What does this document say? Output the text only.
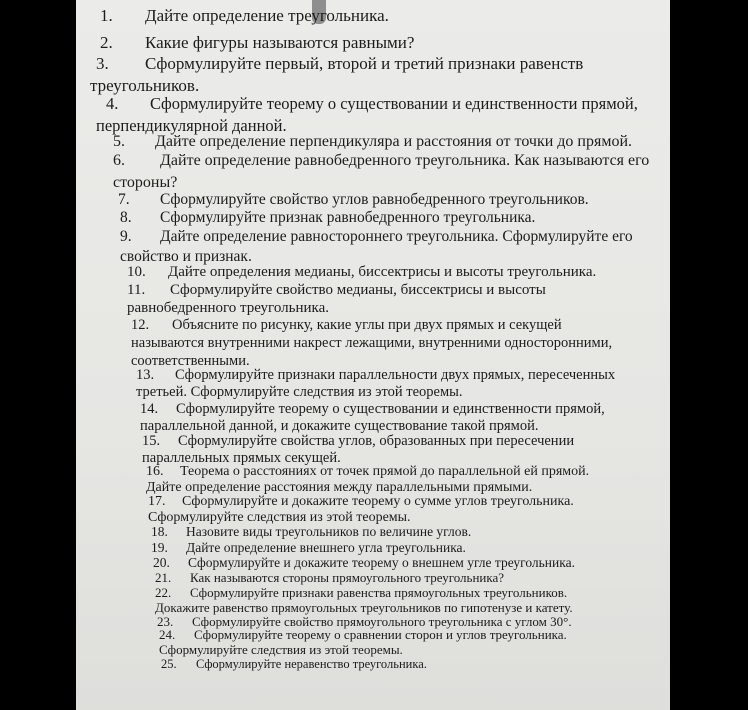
1. Дайте определение треугольника.
2. Какие фигуры называются равными?
3. Сформулируйте первый, второй и третий признаки равенств
треугольников.
4. Сформулируйте теорему о существовании и единственности прямой,
перпендикулярной данной.
5. Дайте определение перпендикуляра и расстояния от точки до прямой.
6. Дайте определение равнобедренного треугольника. Как называются его
стороны?
7. Сформулируйте свойство углов равнобедренного треугольников.
8. Сформулируйте признак равнобедренного треугольника.
9. Дайте определение равностороннего треугольника. Сформулируйте его
свойство и признак.
10. Дайте определения медианы, биссектрисы и высоты треугольника.
11. Сформулируйте свойство медианы, биссектрисы и высоты
равнобедренного треугольника.
12. Объясните по рисунку, какие углы при двух прямых и секущей
называются внутренними накрест лежащими, внутренними односторонними,
соответственными.
13. Сформулируйте признаки параллельности двух прямых, пересеченных
третьей. Сформулируйте следствия из этой теоремы.
14. Сформулируйте теорему о существовании и единственности прямой,
параллельной данной, и докажите существование такой прямой.
15. Сформулируйте свойства углов, образованных при пересечении
параллельных прямых секущей.
16. Теорема о расстояниях от точек прямой до параллельной ей прямой.
Дайте определение расстояния между параллельными прямыми.
17. Сформулируйте и докажите теорему о сумме углов треугольника.
Сформулируйте следствия из этой теоремы.
18. Назовите виды треугольников по величине углов.
19. Дайте определение внешнего угла треугольника.
20. Сформулируйте и докажите теорему о внешнем угле треугольника.
21. Как называются стороны прямоугольного треугольника?
22. Сформулируйте признаки равенства прямоугольных треугольников.
Докажите равенство прямоугольных треугольников по гипотенузе и катету.
23. Сформулируйте свойство прямоугольного треугольника с углом 30°.
24. Сформулируйте теорему о сравнении сторон и углов треугольника.
Сформулируйте следствия из этой теоремы.
25. Сформулируйте неравенство треугольника.
